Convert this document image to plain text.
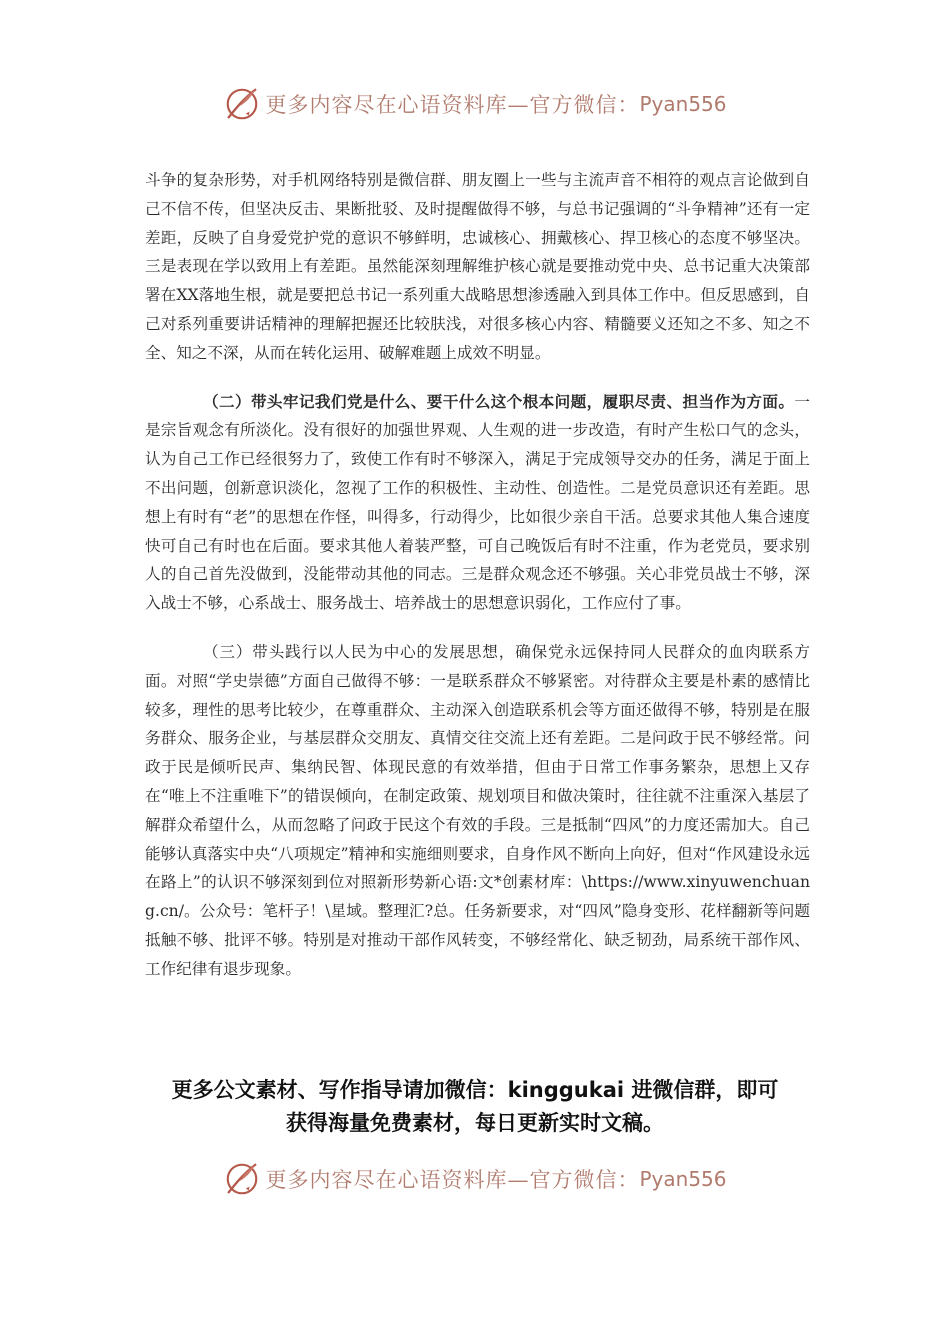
更多内容尽在心语资料库—官方微信： Pyan556

斗争的复杂形势，对手机网络特别是微信群、朋友圈上一些与主流声音不相符的观点言论做到自己不信不传，但坚决反击、果断批驳、及时提醒做得不够，与总书记强调的“斗争精神”还有一定差距，反映了自身爱党护党的意识不够鲜明，忠诚核心、拥戴核心、捍卫核心的态度不够坚决。三是表现在学以致用上有差距。虽然能深刻理解维护核心就是要推动党中央、总书记重大决策部署在XX落地生根，就是要把总书记一系列重大战略思想渗透融入到具体工作中。但反思感到，自己对系列重要讲话精神的理解把握还比较肤浅，对很多核心内容、精髓要义还知之不多、知之不全、知之不深，从而在转化运用、破解难题上成效不明显。

（二）带头牢记我们党是什么、要干什么这个根本问题，履职尽责、担当作为方面。一是宗旨观念有所淡化。没有很好的加强世界观、人生观的进一步改造，有时产生松口气的念头，认为自己工作已经很努力了，致使工作有时不够深入，满足于完成领导交办的任务，满足于面上不出问题，创新意识淡化，忽视了工作的积极性、主动性、创造性。二是党员意识还有差距。思想上有时有“老”的思想在作怪，叫得多，行动得少，比如很少亲自干活。总要求其他人集合速度快可自己有时也在后面。要求其他人着装严整，可自己晚饭后有时不注重，作为老党员，要求别人的自己首先没做到，没能带动其他的同志。三是群众观念还不够强。关心非党员战士不够，深入战士不够，心系战士、服务战士、培养战士的思想意识弱化，工作应付了事。

（三）带头践行以人民为中心的发展思想，确保党永远保持同人民群众的血肉联系方面。对照“学史崇德”方面自己做得不够：一是联系群众不够紧密。对待群众主要是朴素的感情比较多，理性的思考比较少，在尊重群众、主动深入创造联系机会等方面还做得不够，特别是在服务群众、服务企业，与基层群众交朋友、真情交往交流上还有差距。二是问政于民不够经常。问政于民是倾听民声、集纳民智、体现民意的有效举措，但由于日常工作事务繁杂，思想上又存在“唯上不注重唯下”的错误倾向，在制定政策、规划项目和做决策时，往往就不注重深入基层了解群众希望什么，从而忽略了问政于民这个有效的手段。三是抵制“四风”的力度还需加大。自己能够认真落实中央“八项规定”精神和实施细则要求，自身作风不断向上向好，但对“作风建设永远在路上”的认识不够深刻到位对照新形势新心语:文*创素材库：\https://www.xinyuwenchuang.cn/。公众号：笔杆子！\星域。整理汇?总。任务新要求，对“四风”隐身变形、花样翻新等问题抵触不够、批评不够。特别是对推动干部作风转变，不够经常化、缺乏韧劲，局系统干部作风、工作纪律有退步现象。

更多公文素材、写作指导请加微信：kinggukai 进微信群，即可
获得海量免费素材，每日更新实时文稿。
更多内容尽在心语资料库—官方微信： Pyan556
